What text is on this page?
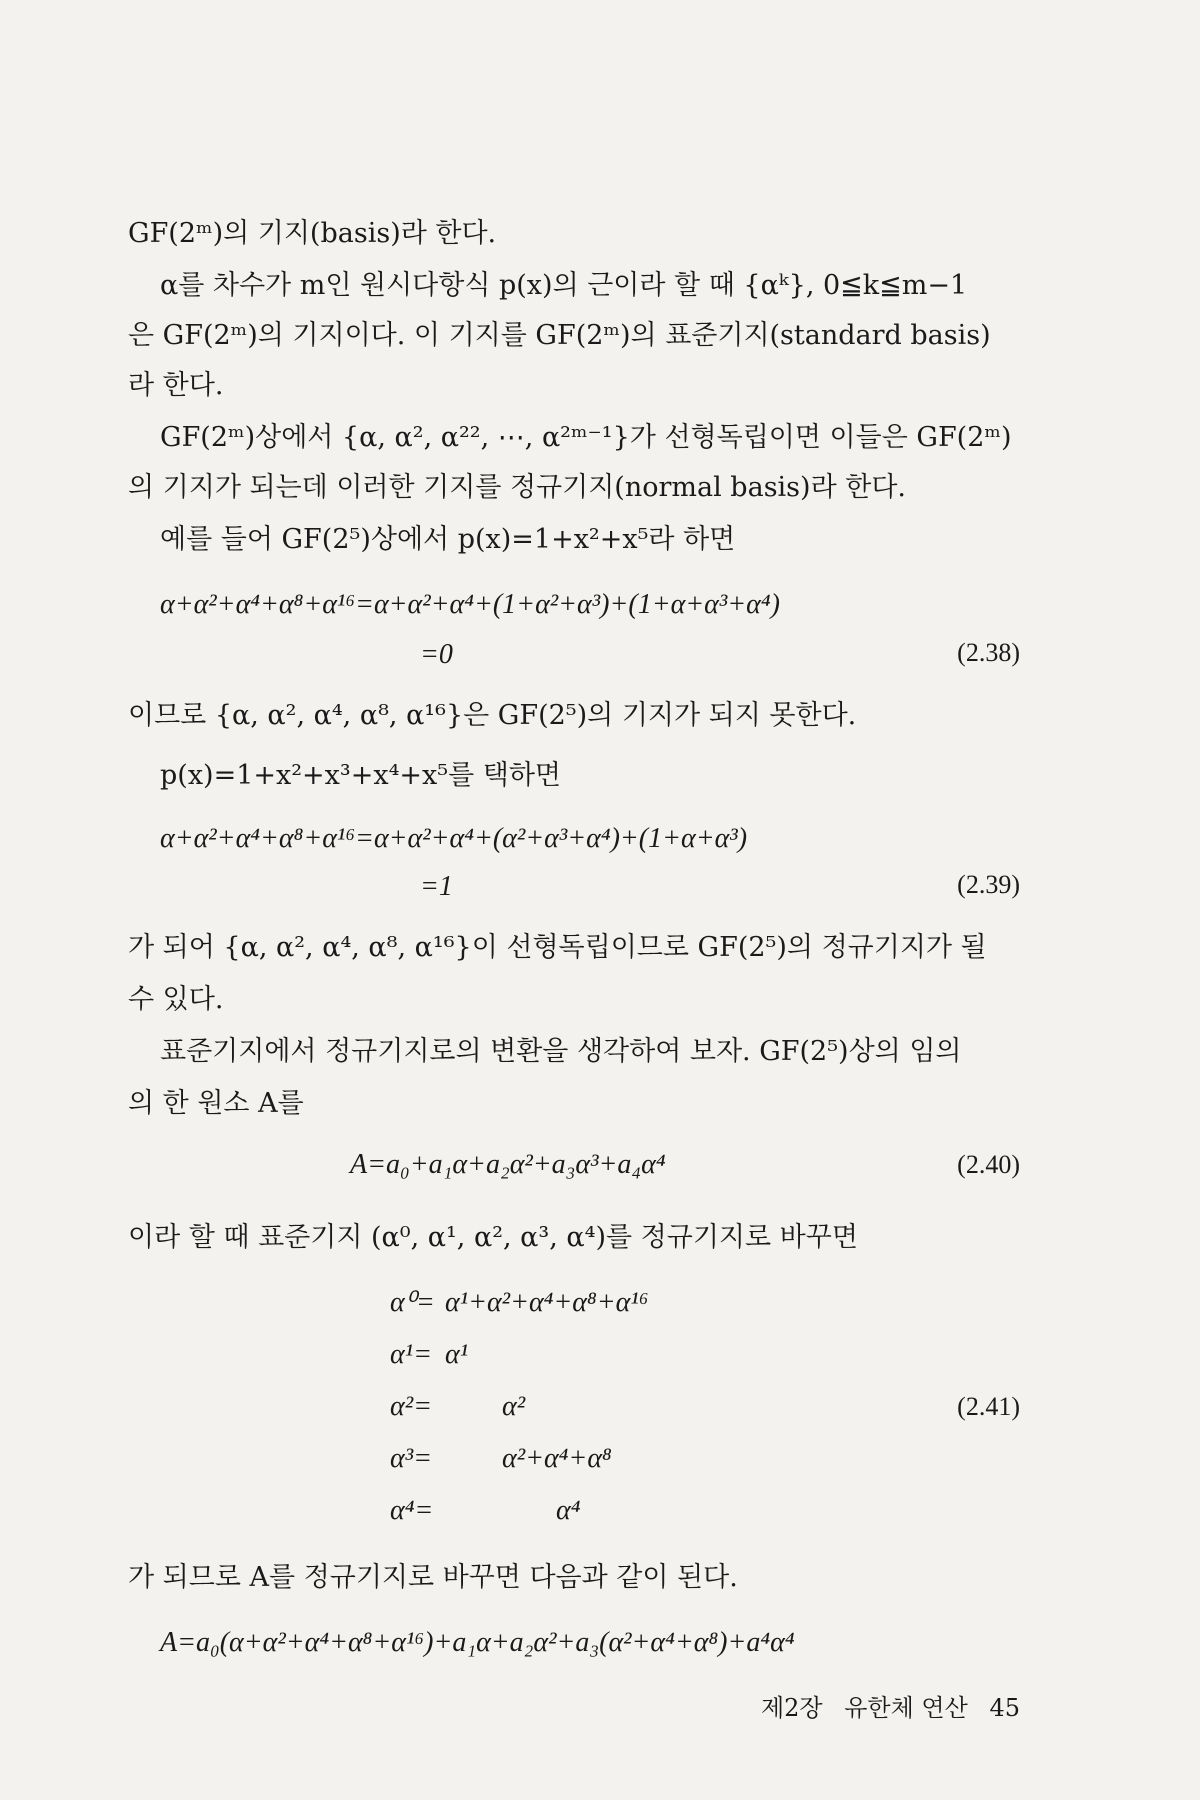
GF(2ᵐ)의 기지(basis)라 한다.
α를 차수가 m인 원시다항식 p(x)의 근이라 할 때 {αᵏ}, 0≦k≦m−1
은 GF(2ᵐ)의 기지이다. 이 기지를 GF(2ᵐ)의 표준기지(standard basis)
라 한다.
GF(2ᵐ)상에서 {α, α², α²², ⋯, α²ᵐ⁻¹}가 선형독립이면 이들은 GF(2ᵐ)
의 기지가 되는데 이러한 기지를 정규기지(normal basis)라 한다.
예를 들어 GF(2⁵)상에서 p(x)=1+x²+x⁵라 하면
α+α²+α⁴+α⁸+α¹⁶=α+α²+α⁴+(1+α²+α³)+(1+α+α³+α⁴)
=0	(2.38)
이므로 {α, α², α⁴, α⁸, α¹⁶}은 GF(2⁵)의 기지가 되지 못한다.
p(x)=1+x²+x³+x⁴+x⁵를 택하면
α+α²+α⁴+α⁸+α¹⁶=α+α²+α⁴+(α²+α³+α⁴)+(1+α+α³)
=1	(2.39)
가 되어 {α, α², α⁴, α⁸, α¹⁶}이 선형독립이므로 GF(2⁵)의 정규기지가 될
수 있다.
표준기지에서 정규기지로의 변환을 생각하여 보자. GF(2⁵)상의 임의
의 한 원소 A를
A=a₀+a₁α+a₂α²+a₃α³+a₄α⁴	(2.40)
이라 할 때 표준기지 (α⁰, α¹, α², α³, α⁴)를 정규기지로 바꾸면
α⁰= α¹+α²+α⁴+α⁸+α¹⁶
α¹= α¹
α²=	α²
α³=	α²+α⁴+α⁸
α⁴=	α⁴
(2.41)
가 되므로 A를 정규기지로 바꾸면 다음과 같이 된다.
A=a₀(α+α²+α⁴+α⁸+α¹⁶)+a₁α+a₂α²+a₃(α²+α⁴+α⁸)+a⁴α⁴
제2장 유한체 연산 45
